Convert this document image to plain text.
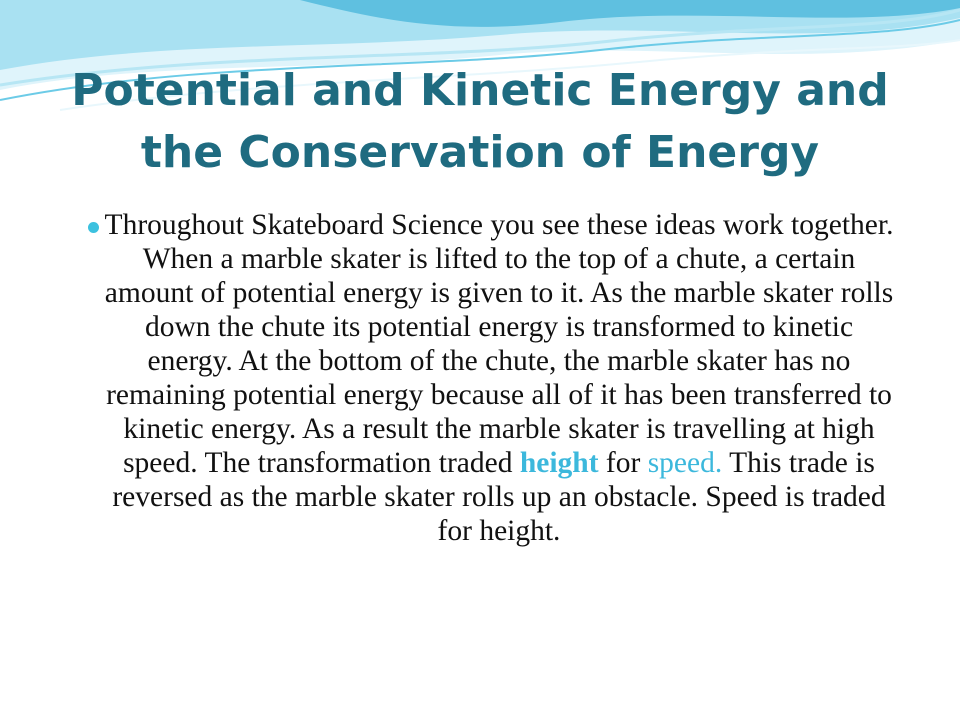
Potential and Kinetic Energy and the Conservation of Energy

Throughout Skateboard Science you see these ideas work together. When a marble skater is lifted to the top of a chute, a certain amount of potential energy is given to it. As the marble skater rolls down the chute its potential energy is transformed to kinetic energy. At the bottom of the chute, the marble skater has no remaining potential energy because all of it has been transferred to kinetic energy. As a result the marble skater is travelling at high speed. The transformation traded height for speed. This trade is reversed as the marble skater rolls up an obstacle. Speed is traded for height.
